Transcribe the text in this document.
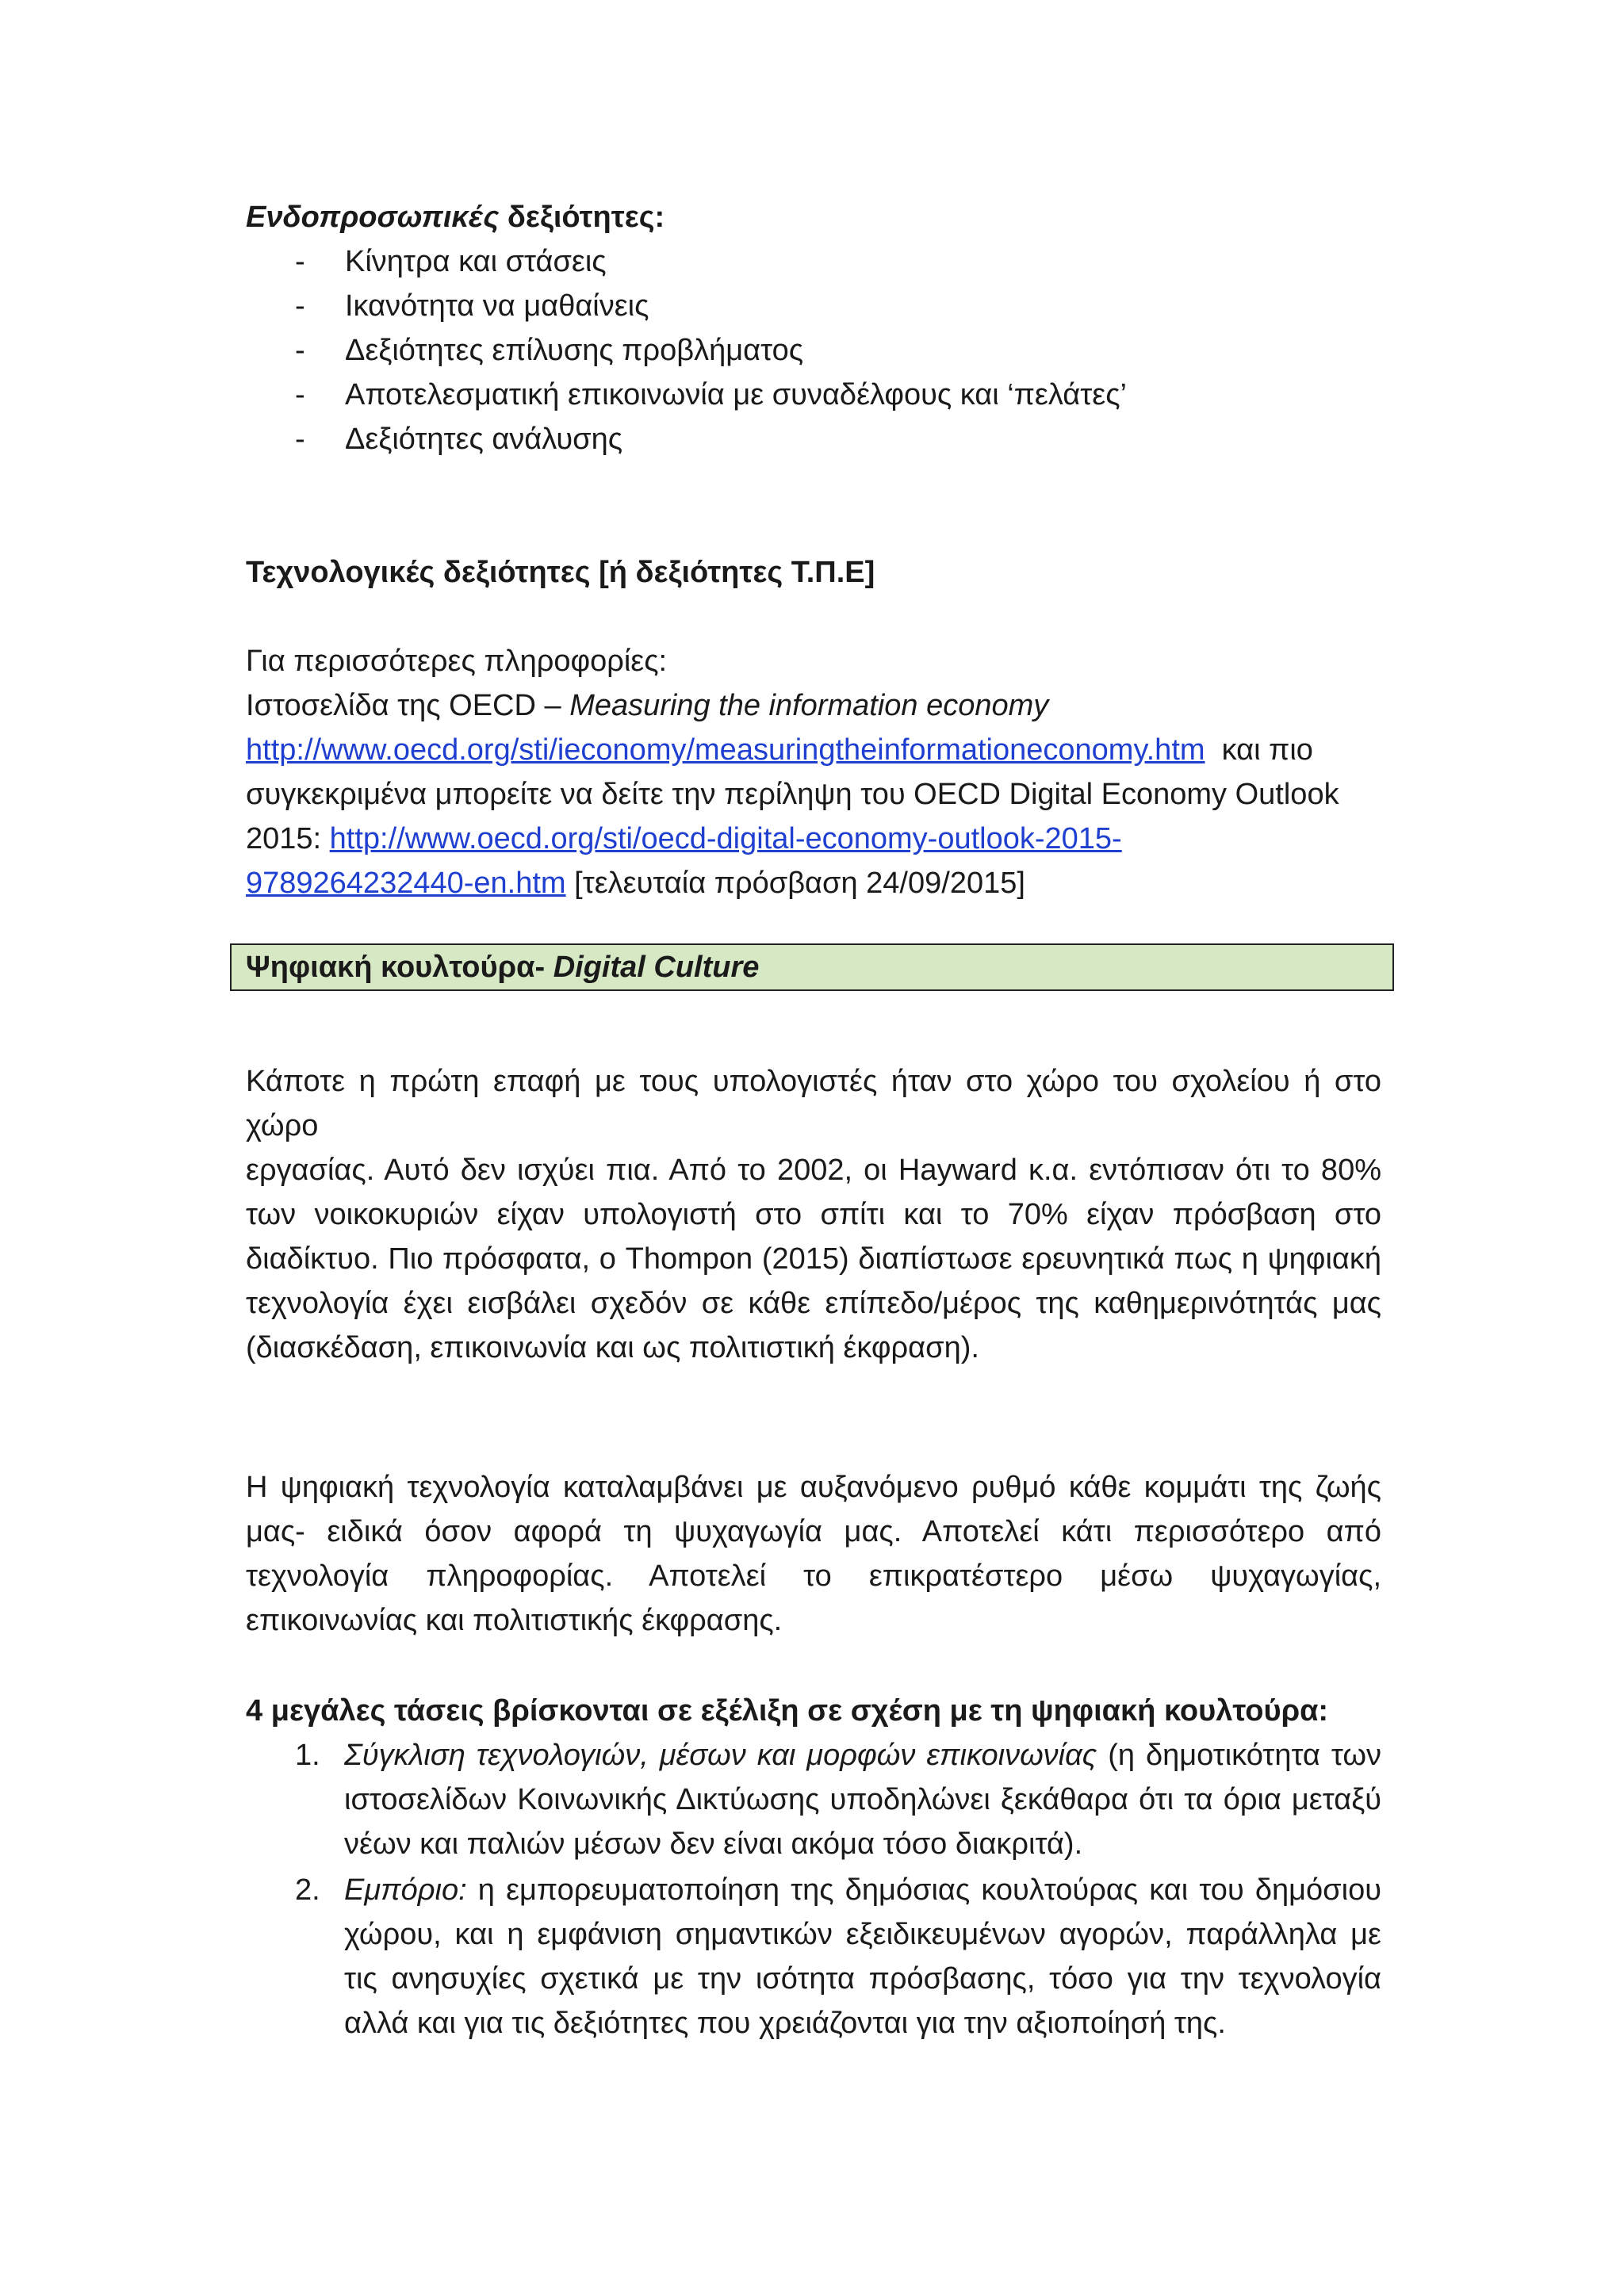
Ενδοπροσωπικές δεξιότητες:
- Κίνητρα και στάσεις
- Ικανότητα να μαθαίνεις
- Δεξιότητες επίλυσης προβλήματος
- Αποτελεσματική επικοινωνία με συναδέλφους και ‘πελάτες’
- Δεξιότητες ανάλυσης
Τεχνολογικές δεξιότητες [ή δεξιότητες Τ.Π.Ε]
Για περισσότερες πληροφορίες:
Ιστοσελίδα της OECD – Measuring the information economy
http://www.oecd.org/sti/ieconomy/measuringtheinformationeconomy.htm  και πιο
συγκεκριμένα μπορείτε να δείτε την περίληψη του OECD Digital Economy Outlook
2015: http://www.oecd.org/sti/oecd-digital-economy-outlook-2015-
9789264232440-en.htm [τελευταία πρόσβαση 24/09/2015]
Ψηφιακή κουλτούρα- Digital Culture
Κάποτε η πρώτη επαφή με τους υπολογιστές ήταν στο χώρο του σχολείου ή στο χώρο
εργασίας. Αυτό δεν ισχύει πια. Από το 2002, οι Hayward κ.α. εντόπισαν ότι το 80%
των νοικοκυριών είχαν υπολογιστή στο σπίτι και το 70% είχαν πρόσβαση στο
διαδίκτυο. Πιο πρόσφατα, ο Thompon (2015) διαπίστωσε ερευνητικά πως η ψηφιακή
τεχνολογία έχει εισβάλει σχεδόν σε κάθε επίπεδο/μέρος της καθημερινότητάς μας
(διασκέδαση, επικοινωνία και ως πολιτιστική έκφραση).
Η ψηφιακή τεχνολογία καταλαμβάνει με αυξανόμενο ρυθμό κάθε κομμάτι της ζωής
μας- ειδικά όσον αφορά τη ψυχαγωγία μας. Αποτελεί κάτι περισσότερο από
τεχνολογία πληροφορίας. Αποτελεί το επικρατέστερο μέσω ψυχαγωγίας,
επικοινωνίας και πολιτιστικής έκφρασης.
4 μεγάλες τάσεις βρίσκονται σε εξέλιξη σε σχέση με τη ψηφιακή κουλτούρα:
1. Σύγκλιση τεχνολογιών, μέσων και μορφών επικοινωνίας (η δημοτικότητα των
ιστοσελίδων Κοινωνικής Δικτύωσης υποδηλώνει ξεκάθαρα ότι τα όρια μεταξύ
νέων και παλιών μέσων δεν είναι ακόμα τόσο διακριτά).
2. Εμπόριο: η εμπορευματοποίηση της δημόσιας κουλτούρας και του δημόσιου
χώρου, και η εμφάνιση σημαντικών εξειδικευμένων αγορών, παράλληλα με
τις ανησυχίες σχετικά με την ισότητα πρόσβασης, τόσο για την τεχνολογία
αλλά και για τις δεξιότητες που χρειάζονται για την αξιοποίησή της.
